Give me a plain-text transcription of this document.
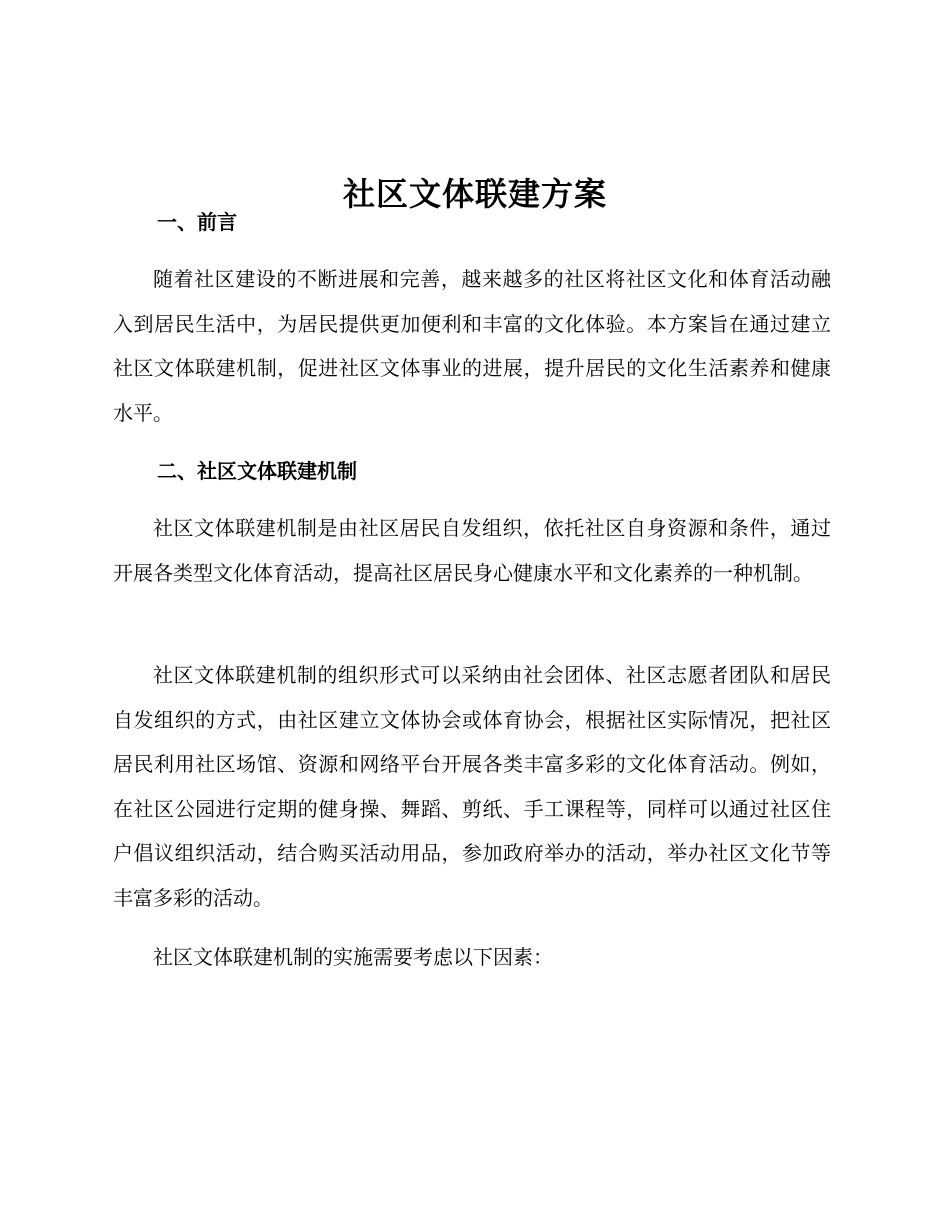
社区文体联建方案
一、前言

随着社区建设的不断进展和完善，越来越多的社区将社区文化和体育活动融入到居民生活中，为居民提供更加便利和丰富的文化体验。本方案旨在通过建立社区文体联建机制，促进社区文体事业的进展，提升居民的文化生活素养和健康水平。

二、社区文体联建机制

社区文体联建机制是由社区居民自发组织，依托社区自身资源和条件，通过开展各类型文化体育活动，提高社区居民身心健康水平和文化素养的一种机制。

社区文体联建机制的组织形式可以采纳由社会团体、社区志愿者团队和居民自发组织的方式，由社区建立文体协会或体育协会，根据社区实际情况，把社区居民利用社区场馆、资源和网络平台开展各类丰富多彩的文化体育活动。例如，在社区公园进行定期的健身操、舞蹈、剪纸、手工课程等，同样可以通过社区住户倡议组织活动，结合购买活动用品，参加政府举办的活动，举办社区文化节等丰富多彩的活动。

社区文体联建机制的实施需要考虑以下因素：
